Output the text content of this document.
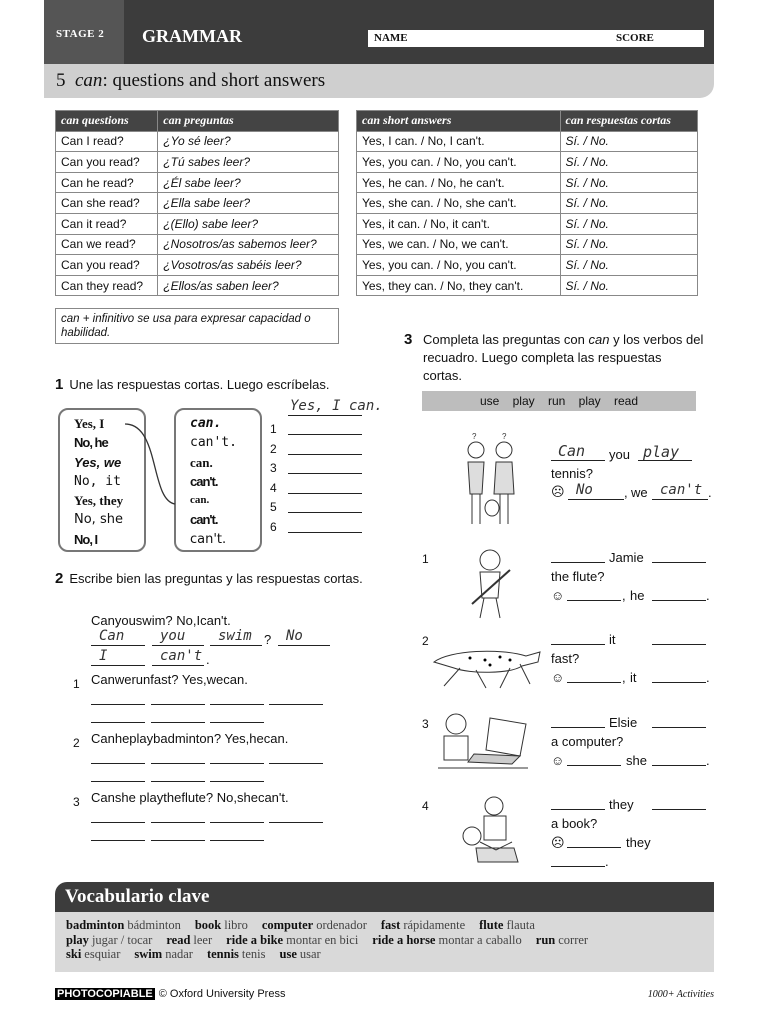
STAGE 2 GRAMMAR	NAME	SCORE
5 can: questions and short answers
can questions	can preguntas
Can I read?	¿Yo sé leer?
Can you read?	¿Tú sabes leer?
Can he read?	¿Él sabe leer?
Can she read?	¿Ella sabe leer?
Can it read?	¿(Ello) sabe leer?
Can we read?	¿Nosotros/as sabemos leer?
Can you read?	¿Vosotros/as sabéis leer?
Can they read?	¿Ellos/as saben leer?
can short answers	can respuestas cortas
Yes, I can. / No, I can't.	Sí. / No.
Yes, you can. / No, you can't.	Sí. / No.
Yes, he can. / No, he can't.	Sí. / No.
Yes, she can. / No, she can't.	Sí. / No.
Yes, it can. / No, it can't.	Sí. / No.
Yes, we can. / No, we can't.	Sí. / No.
Yes, you can. / No, you can't.	Sí. / No.
Yes, they can. / No, they can't.	Sí. / No.
can + infinitivo se usa para expresar capacidad o habilidad.
1 Une las respuestas cortas. Luego escríbelas.
Yes, I
No, he
Yes, we
No, it
Yes, they
No, she
No, I
can.
can't.
can.
can't.
can.
can't.
can't.
Yes, I can.
1
2
3
4
5
6
2 Escribe bien las preguntas y las respuestas cortas.
Canyouswim? No,Ican't.
Can	you swim No
I	can't
?
.
1 Canwerunfast? Yes,wecan.
2 Canheplaybadminton? Yes,hecan.
3 Canshe playtheflute? No,shecan't.
3 Completa las preguntas con can y los verbos del recuadro. Luego completa las respuestas cortas.
use play run play read
?	?
Can you play
tennis?
☹ No , we can't .
1	Jamie
the flute?
☺	, he	.
2	it
fast?
☺	, it	.
3	Elsie
a computer?
☺	she	.
4	they
a book?
☹	they
.
Vocabulario clave
badminton bádminton book libro computer ordenador fast rápidamente flute flauta
play jugar / tocar read leer ride a bike montar en bici ride a horse montar a caballo run correr
ski esquiar swim nadar tennis tenis use usar
PHOTOCOPIABLE © Oxford University Press	1000+ Activities
